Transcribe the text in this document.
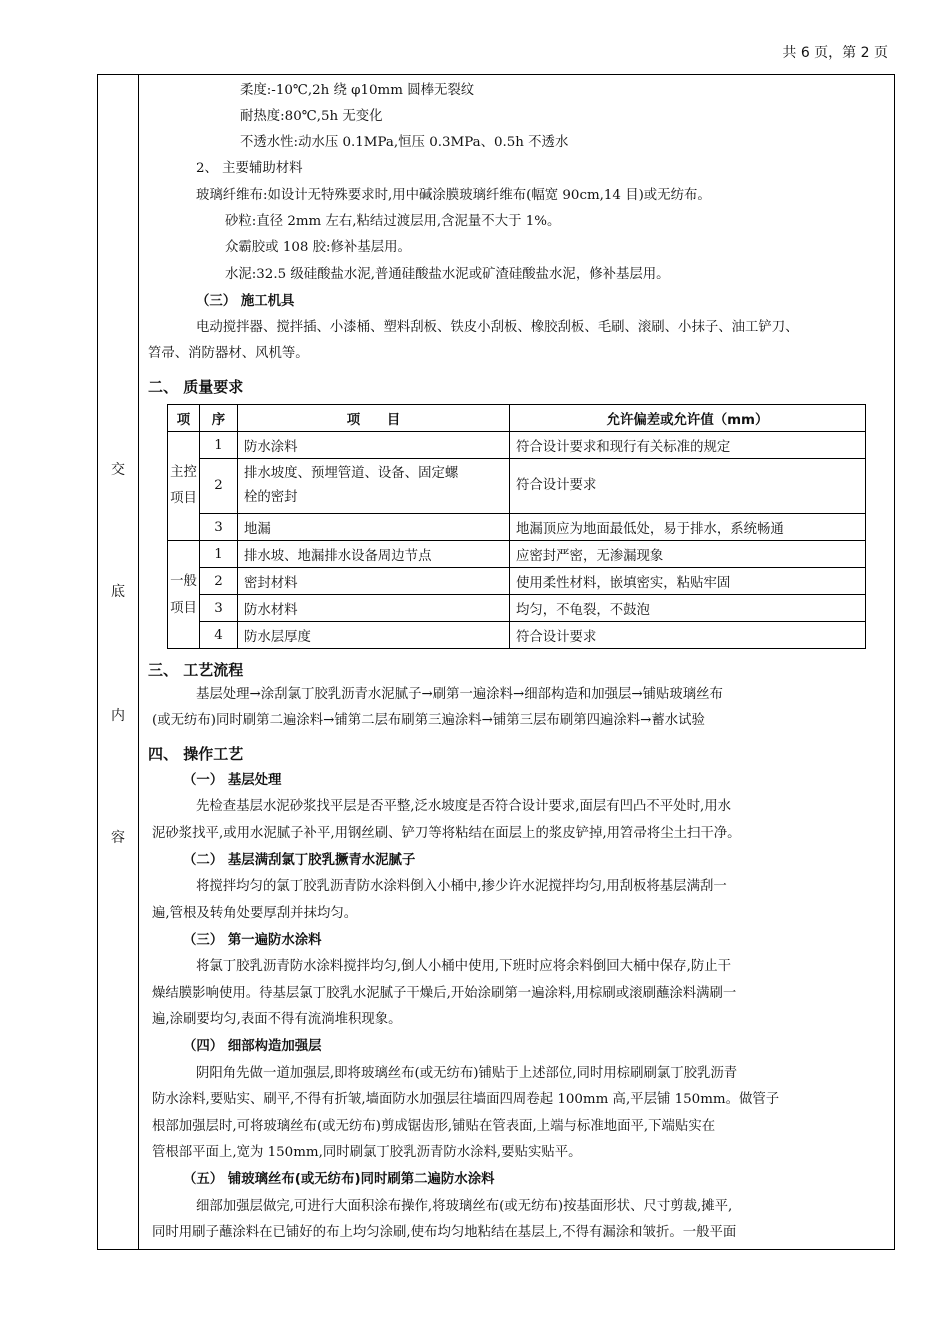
共 6 页，第 2 页
交
底
内
容
柔度:-10℃,2h 绕 φ10mm 圆棒无裂纹
耐热度:80℃,5h 无变化
不透水性:动水压 0.1MPa,恒压 0.3MPa、0.5h 不透水
2、 主要辅助材料
玻璃纤维布:如设计无特殊要求时,用中碱涂膜玻璃纤维布(幅宽 90cm,14 目)或无纺布。
砂粒:直径 2mm 左右,粘结过渡层用,含泥量不大于 1%。
众霸胶或 108 胶:修补基层用。
水泥:32.5 级硅酸盐水泥,普通硅酸盐水泥或矿渣硅酸盐水泥，修补基层用。
（三） 施工机具
电动搅拌器、搅拌插、小漆桶、塑料刮板、铁皮小刮板、橡胶刮板、毛刷、滚刷、小抹子、油工铲刀、
笤帚、消防器材、风机等。
二、 质量要求
项	序	项　　目	允许偏差或允许值（mm）
主控项目	1	防水涂料	符合设计要求和现行有关标准的规定
	2	排水坡度、预埋管道、设备、固定螺
栓的密封	符合设计要求
	3	地漏	地漏顶应为地面最低处，易于排水，系统畅通
一般项目	1	排水坡、地漏排水设备周边节点	应密封严密，无渗漏现象
	2	密封材料	使用柔性材料，嵌填密实，粘贴牢固
	3	防水材料	均匀，不龟裂，不鼓泡
	4	防水层厚度	符合设计要求
三、 工艺流程
基层处理→涂刮氯丁胶乳沥青水泥腻子→刷第一遍涂料→细部构造和加强层→铺贴玻璃丝布
(或无纺布)同时刷第二遍涂料→铺第二层布刷第三遍涂料→铺第三层布刷第四遍涂料→蓄水试验
四、 操作工艺
（一） 基层处理
先检查基层水泥砂浆找平层是否平整,泛水坡度是否符合设计要求,面层有凹凸不平处时,用水
泥砂浆找平,或用水泥腻子补平,用钢丝刷、铲刀等将粘结在面层上的浆皮铲掉,用笤帚将尘土扫干净。
（二） 基层满刮氯丁胶乳撅青水泥腻子
将搅拌均匀的氯丁胶乳沥青防水涂料倒入小桶中,掺少许水泥搅拌均匀,用刮板将基层满刮一
遍,管根及转角处要厚刮并抹均匀。
（三） 第一遍防水涂料
将氯丁胶乳沥青防水涂料搅拌均匀,倒人小桶中使用,下班时应将余料倒回大桶中保存,防止干
燥结膜影响使用。待基层氯丁胶乳水泥腻子干燥后,开始涂刷第一遍涂料,用棕刷或滚刷蘸涂料满刷一
遍,涂刷要均匀,表面不得有流淌堆积现象。
（四） 细部构造加强层
阴阳角先做一道加强层,即将玻璃丝布(或无纺布)铺贴于上述部位,同时用棕刷刷氯丁胶乳沥青
防水涂料,要贴实、刷平,不得有折皱,墙面防水加强层往墙面四周卷起 100mm 高,平层铺 150mm。做管子
根部加强层时,可将玻璃丝布(或无纺布)剪成锯齿形,铺贴在管表面,上端与标准地面平,下端贴实在
管根部平面上,宽为 150mm,同时刷氯丁胶乳沥青防水涂料,要贴实贴平。
（五） 铺玻璃丝布(或无纺布)同时刷第二遍防水涂料
细部加强层做完,可进行大面积涂布操作,将玻璃丝布(或无纺布)按基面形状、尺寸剪裁,摊平,
同时用刷子蘸涂料在已铺好的布上均匀涂刷,使布均匀地粘结在基层上,不得有漏涂和皱折。一般平面
